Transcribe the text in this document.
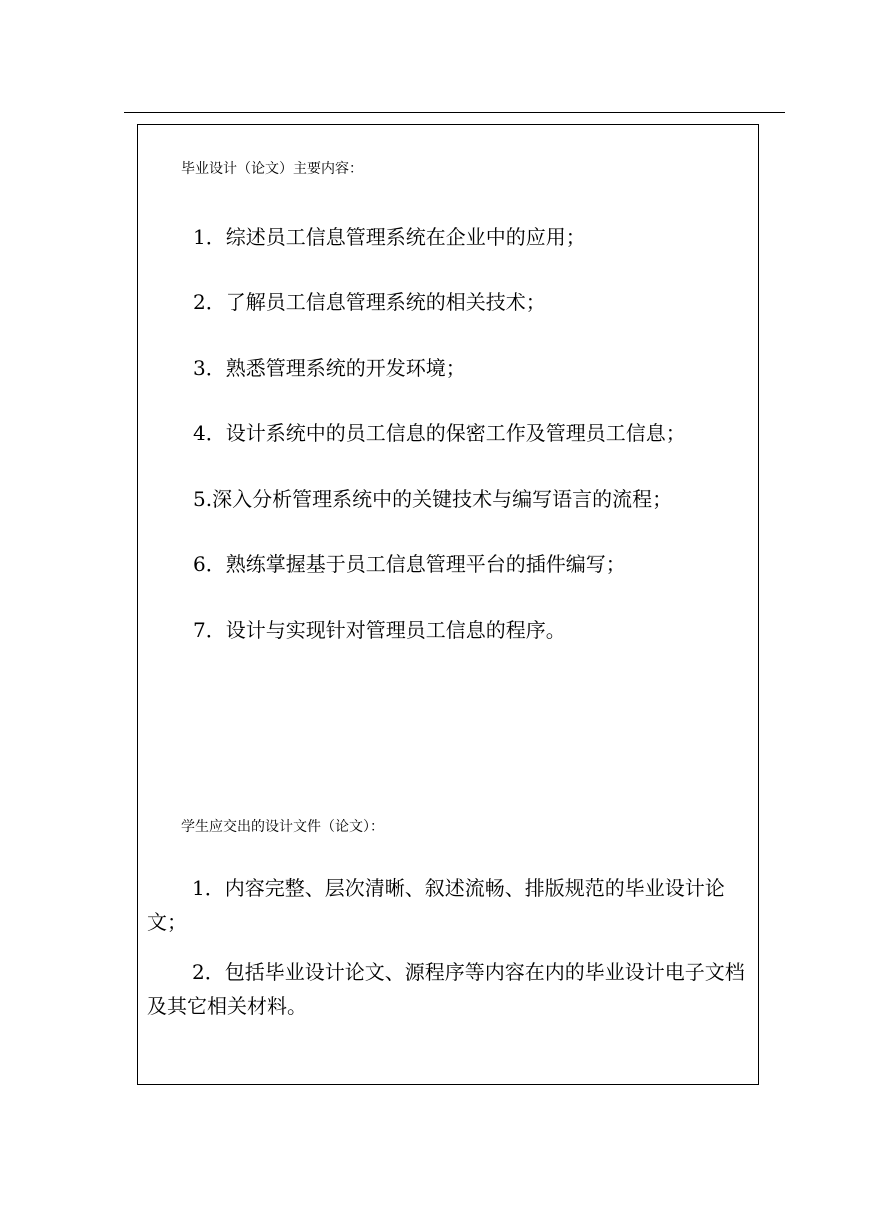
毕业设计（论文）主要内容：
1．综述员工信息管理系统在企业中的应用；
2．了解员工信息管理系统的相关技术；
3．熟悉管理系统的开发环境；
4．设计系统中的员工信息的保密工作及管理员工信息；
5.深入分析管理系统中的关键技术与编写语言的流程；
6．熟练掌握基于员工信息管理平台的插件编写；
7．设计与实现针对管理员工信息的程序。
学生应交出的设计文件（论文）：
1．内容完整、层次清晰、叙述流畅、排版规范的毕业设计论文；
2．包括毕业设计论文、源程序等内容在内的毕业设计电子文档及其它相关材料。
